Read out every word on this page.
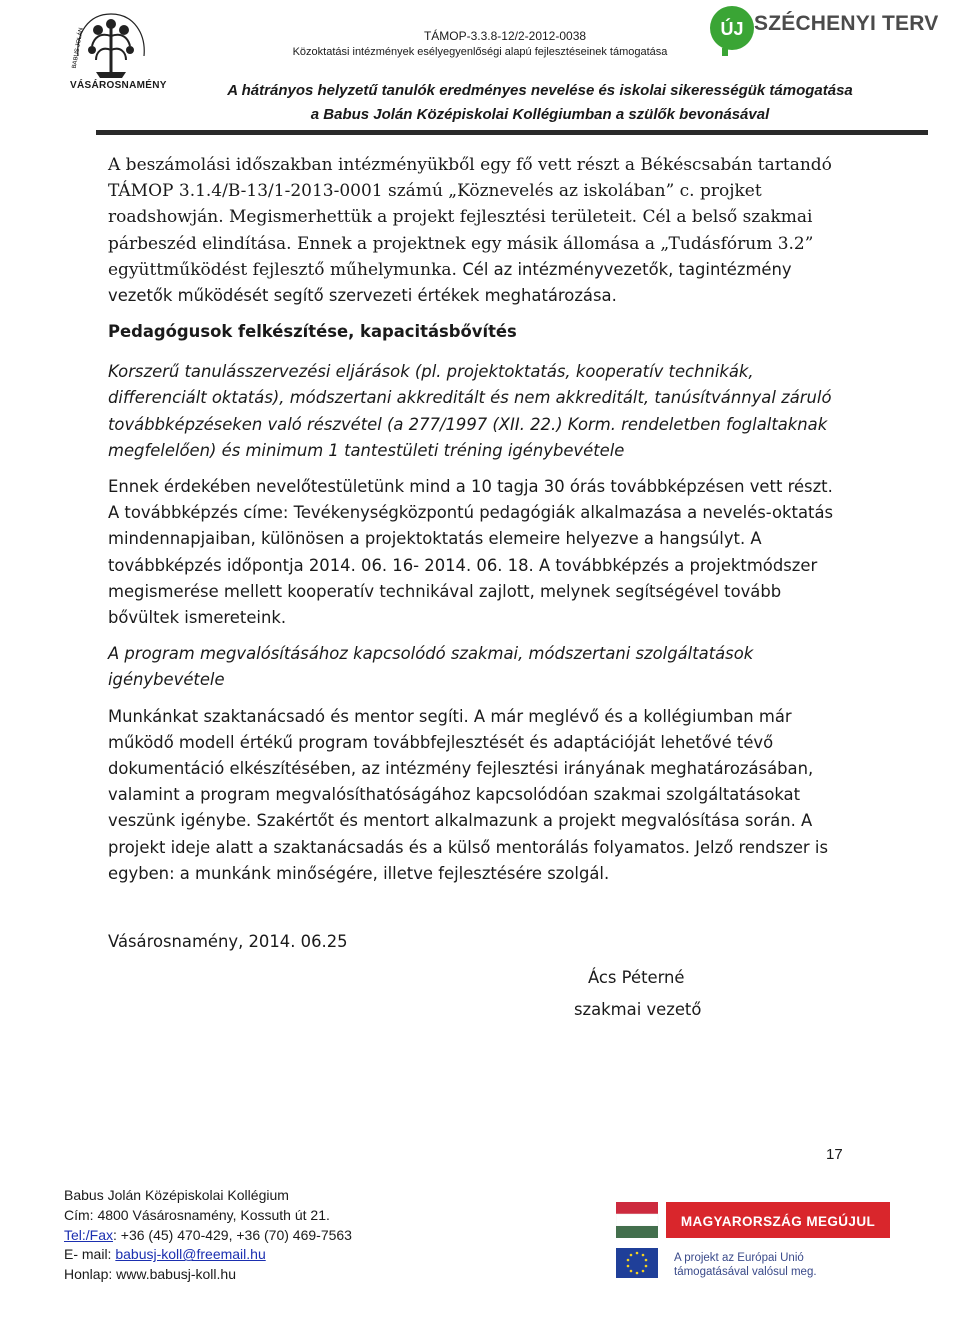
BABUS JOLÁN
VÁSÁROSNAMÉNY
TÁMOP-3.3.8-12/2-2012-0038
Közoktatási intézmények esélyegyenlőségi alapú fejlesztéseinek támogatása
ÚJ SZÉCHENYI TERV
A hátrányos helyzetű tanulók eredményes nevelése és iskolai sikerességük támogatása
a Babus Jolán Középiskolai Kollégiumban a szülők bevonásával

A beszámolási időszakban intézményükből egy fő vett részt a Békéscsabán tartandó
TÁMOP 3.1.4/B-13/1-2013-0001 számú „Köznevelés az iskolában” c. projket
roadshowján. Megismerhettük a projekt fejlesztési területeit. Cél a belső szakmai
párbeszéd elindítása. Ennek a projektnek egy másik állomása a „Tudásfórum 3.2”
együttműködést fejlesztő műhelymunka. Cél az intézményvezetők, tagintézmény
vezetők működését segítő szervezeti értékek meghatározása.

Pedagógusok felkészítése, kapacitásbővítés

Korszerű tanulásszervezési eljárások (pl. projektoktatás, kooperatív technikák,
differenciált oktatás), módszertani akkreditált és nem akkreditált, tanúsítvánnyal záruló
továbbképzéseken való részvétel (a 277/1997 (XII. 22.) Korm. rendeletben foglaltaknak
megfelelően) és minimum 1 tantestületi tréning igénybevétele

Ennek érdekében nevelőtestületünk mind a 10 tagja 30 órás továbbképzésen vett részt.
A továbbképzés címe: Tevékenységközpontú pedagógiák alkalmazása a nevelés-oktatás
mindennapjaiban, különösen a projektoktatás elemeire helyezve a hangsúlyt. A
továbbképzés időpontja 2014. 06. 16- 2014. 06. 18. A továbbképzés a projektmódszer
megismerése mellett kooperatív technikával zajlott, melynek segítségével tovább
bővültek ismereteink.

A program megvalósításához kapcsolódó szakmai, módszertani szolgáltatások
igénybevétele

Munkánkat szaktanácsadó és mentor segíti. A már meglévő és a kollégiumban már
működő modell értékű program továbbfejlesztését és adaptációját lehetővé tévő
dokumentáció elkészítésében, az intézmény fejlesztési irányának meghatározásában,
valamint a program megvalósíthatóságához kapcsolódóan szakmai szolgáltatásokat
veszünk igénybe. Szakértőt és mentort alkalmazunk a projekt megvalósítása során. A
projekt ideje alatt a szaktanácsadás és a külső mentorálás folyamatos. Jelző rendszer is
egyben: a munkánk minőségére, illetve fejlesztésére szolgál.

Vásárosnamény, 2014. 06.25
Ács Péterné
szakmai vezető
17
Babus Jolán Középiskolai Kollégium
Cím: 4800 Vásárosnamény, Kossuth út 21.
Tel:/Fax: +36 (45) 470-429, +36 (70) 469-7563
E- mail: babusj-koll@freemail.hu
Honlap: www.babusj-koll.hu
MAGYARORSZÁG MEGÚJUL
A projekt az Európai Unió
támogatásával valósul meg.
